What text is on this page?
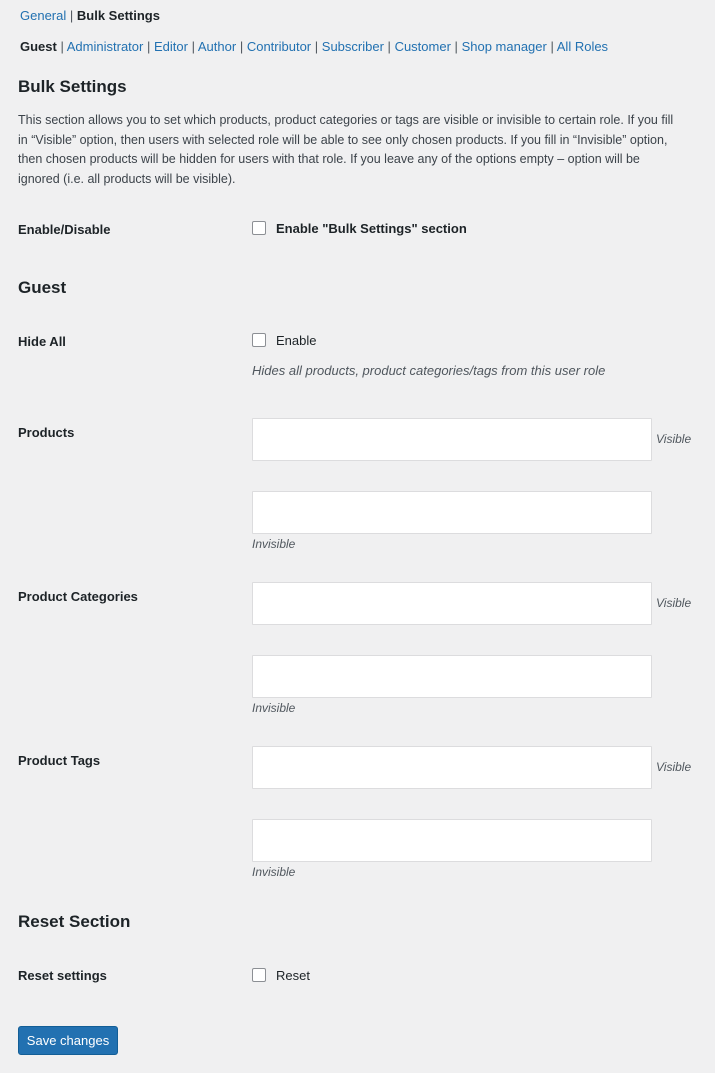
General | Bulk Settings
Guest | Administrator | Editor | Author | Contributor | Subscriber | Customer | Shop manager | All Roles
Bulk Settings
This section allows you to set which products, product categories or tags are visible or invisible to certain role. If you fill in “Visible” option, then users with selected role will be able to see only chosen products. If you fill in “Invisible” option, then chosen products will be hidden for users with that role. If you leave any of the options empty – option will be ignored (i.e. all products will be visible).
Enable/Disable	Enable "Bulk Settings" section
Guest
Hide All	Enable
Hides all products, product categories/tags from this user role
Products	Visible
Invisible
Product Categories	Visible
Invisible
Product Tags	Visible
Invisible
Reset Section
Reset settings	Reset
Save changes
